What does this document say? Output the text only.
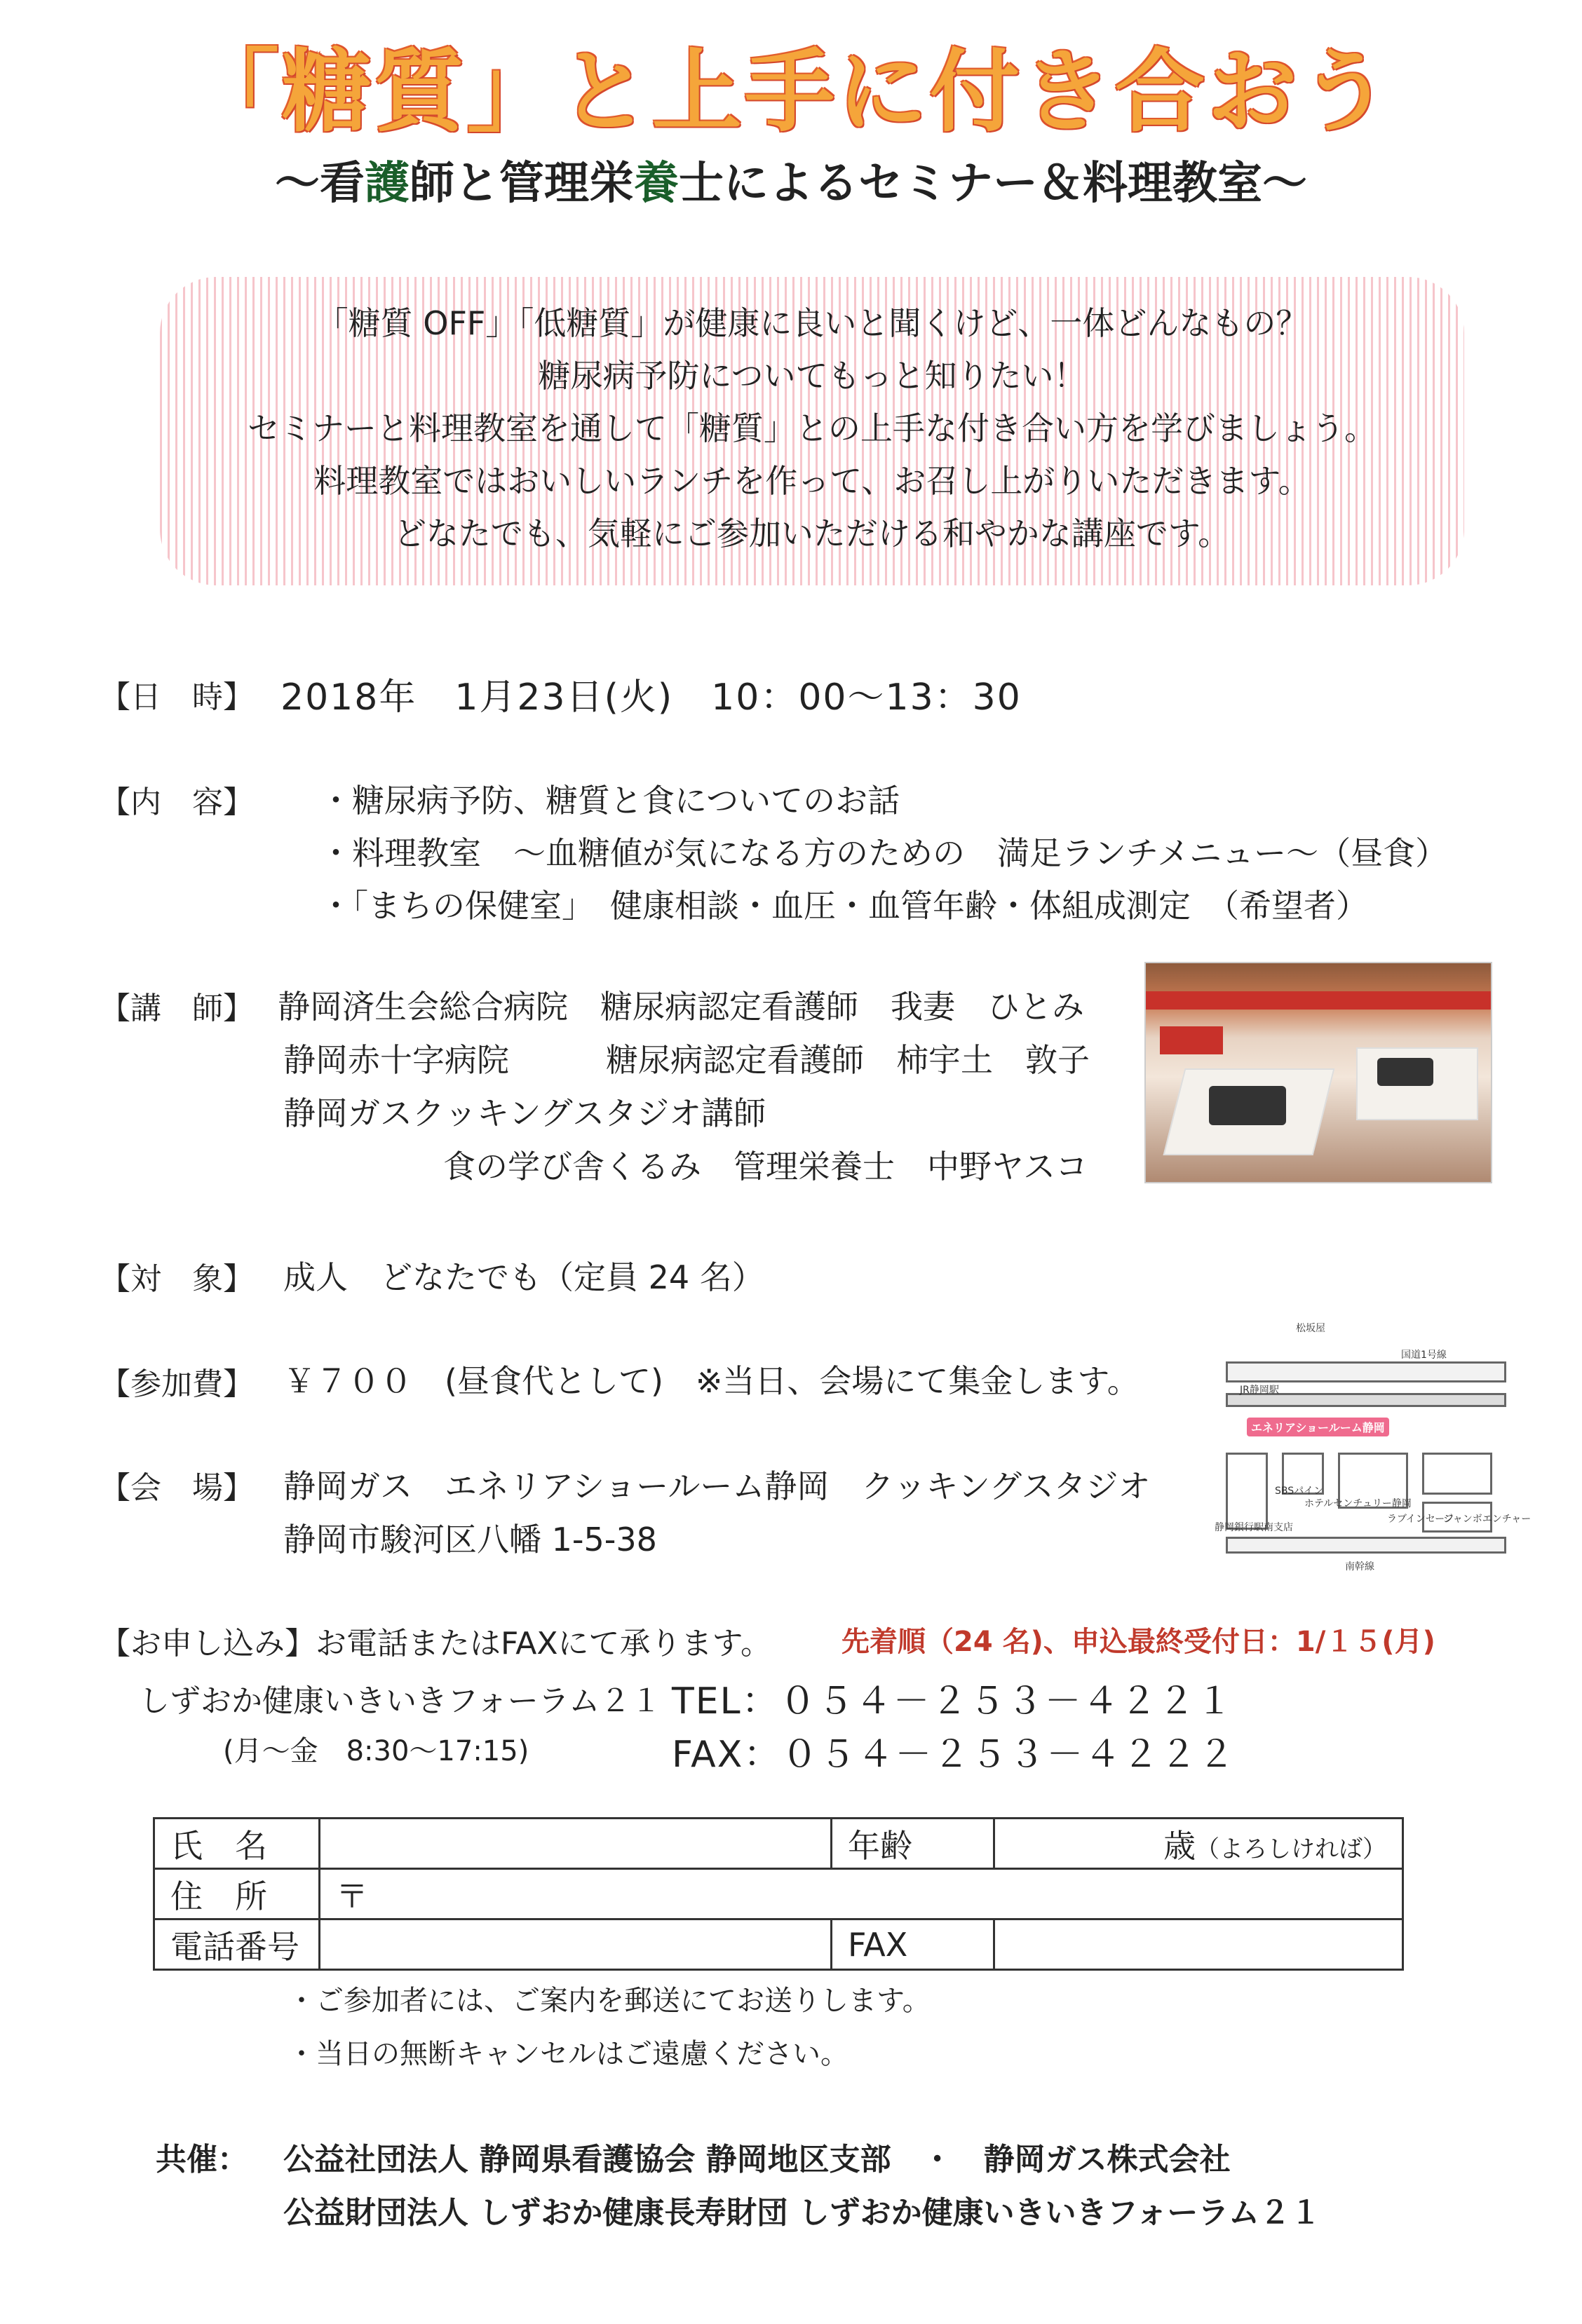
「糖質」と上手に付き合おう
～看護師と管理栄養士によるセミナー＆料理教室～
「糖質 OFF」「低糖質」が健康に良いと聞くけど、一体どんなもの？
糖尿病予防についてもっと知りたい！
セミナーと料理教室を通して「糖質」との上手な付き合い方を学びましょう。
料理教室ではおいしいランチを作って、お召し上がりいただきます。
どなたでも、気軽にご参加いただける和やかな講座です。
【日　時】 2018年　1月23日(火)　10：00～13：30
【内　容】 ・糖尿病予防、糖質と食についてのお話
・料理教室　～血糖値が気になる方のための　満足ランチメニュー～（昼食）
・「まちの保健室」　健康相談・血圧・血管年齢・体組成測定　（希望者）
【講　師】 静岡済生会総合病院　糖尿病認定看護師　我妻　ひとみ
静岡赤十字病院　　　糖尿病認定看護師　柿宇土　敦子
静岡ガスクッキングスタジオ講師
食の学び舎くるみ　管理栄養士　中野ヤスコ
【対　象】 成人　どなたでも（定員 24 名）
【参加費】 ￥７００　(昼食代として)　※当日、会場にて集金します。
【会　場】 静岡ガス　エネリアショールーム静岡　クッキングスタジオ
静岡市駿河区八幡 1-5-38
松坂屋
国道1号線
JR静岡駅
エネリアショールーム静岡
ホテルセンチュリー静岡
ラブインセーフ
ジャンボエンチャー
静岡銀行駅南支店
南幹線
SBSパイン
【お申し込み】お電話またはFAXにて承ります。	先着順（24 名)、申込最終受付日：1/１５(月)
しずおか健康いきいきフォーラム２１ TEL：０５４－２５３－４２２１
(月～金　8:30～17:15)	FAX：０５４－２５３－４２２２
氏　名		年齢	歳（よろしければ）
住　所	〒		
電話番号		FAX	
・ご参加者には、ご案内を郵送にてお送りします。
・当日の無断キャンセルはご遠慮ください。
共催： 公益社団法人 静岡県看護協会 静岡地区支部　・　静岡ガス株式会社
公益財団法人 しずおか健康長寿財団 しずおか健康いきいきフォーラム２１
